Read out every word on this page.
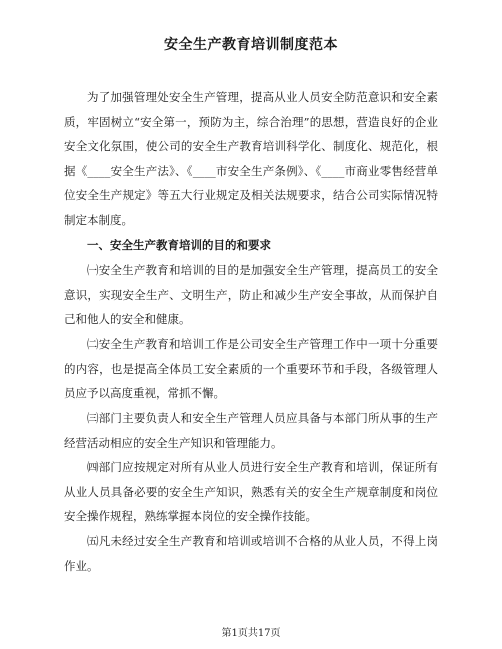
安全生产教育培训制度范本

为了加强管理处安全生产管理，提高从业人员安全防范意识和安全素质，牢固树立“安全第一，预防为主，综合治理”的思想，营造良好的企业安全文化氛围，使公司的安全生产教育培训科学化、制度化、规范化，根据《____安全生产法》、《____市安全生产条例》、《____市商业零售经营单位安全生产规定》等五大行业规定及相关法规要求，结合公司实际情况特制定本制度。

一、安全生产教育培训的目的和要求

㈠安全生产教育和培训的目的是加强安全生产管理，提高员工的安全意识，实现安全生产、文明生产，防止和减少生产安全事故，从而保护自己和他人的安全和健康。

㈡安全生产教育和培训工作是公司安全生产管理工作中一项十分重要的内容，也是提高全体员工安全素质的一个重要环节和手段，各级管理人员应予以高度重视，常抓不懈。

㈢部门主要负责人和安全生产管理人员应具备与本部门所从事的生产经营活动相应的安全生产知识和管理能力。

㈣部门应按规定对所有从业人员进行安全生产教育和培训，保证所有从业人员具备必要的安全生产知识，熟悉有关的安全生产规章制度和岗位安全操作规程，熟练掌握本岗位的安全操作技能。

㈤凡未经过安全生产教育和培训或培训不合格的从业人员，不得上岗作业。

第1页共17页
